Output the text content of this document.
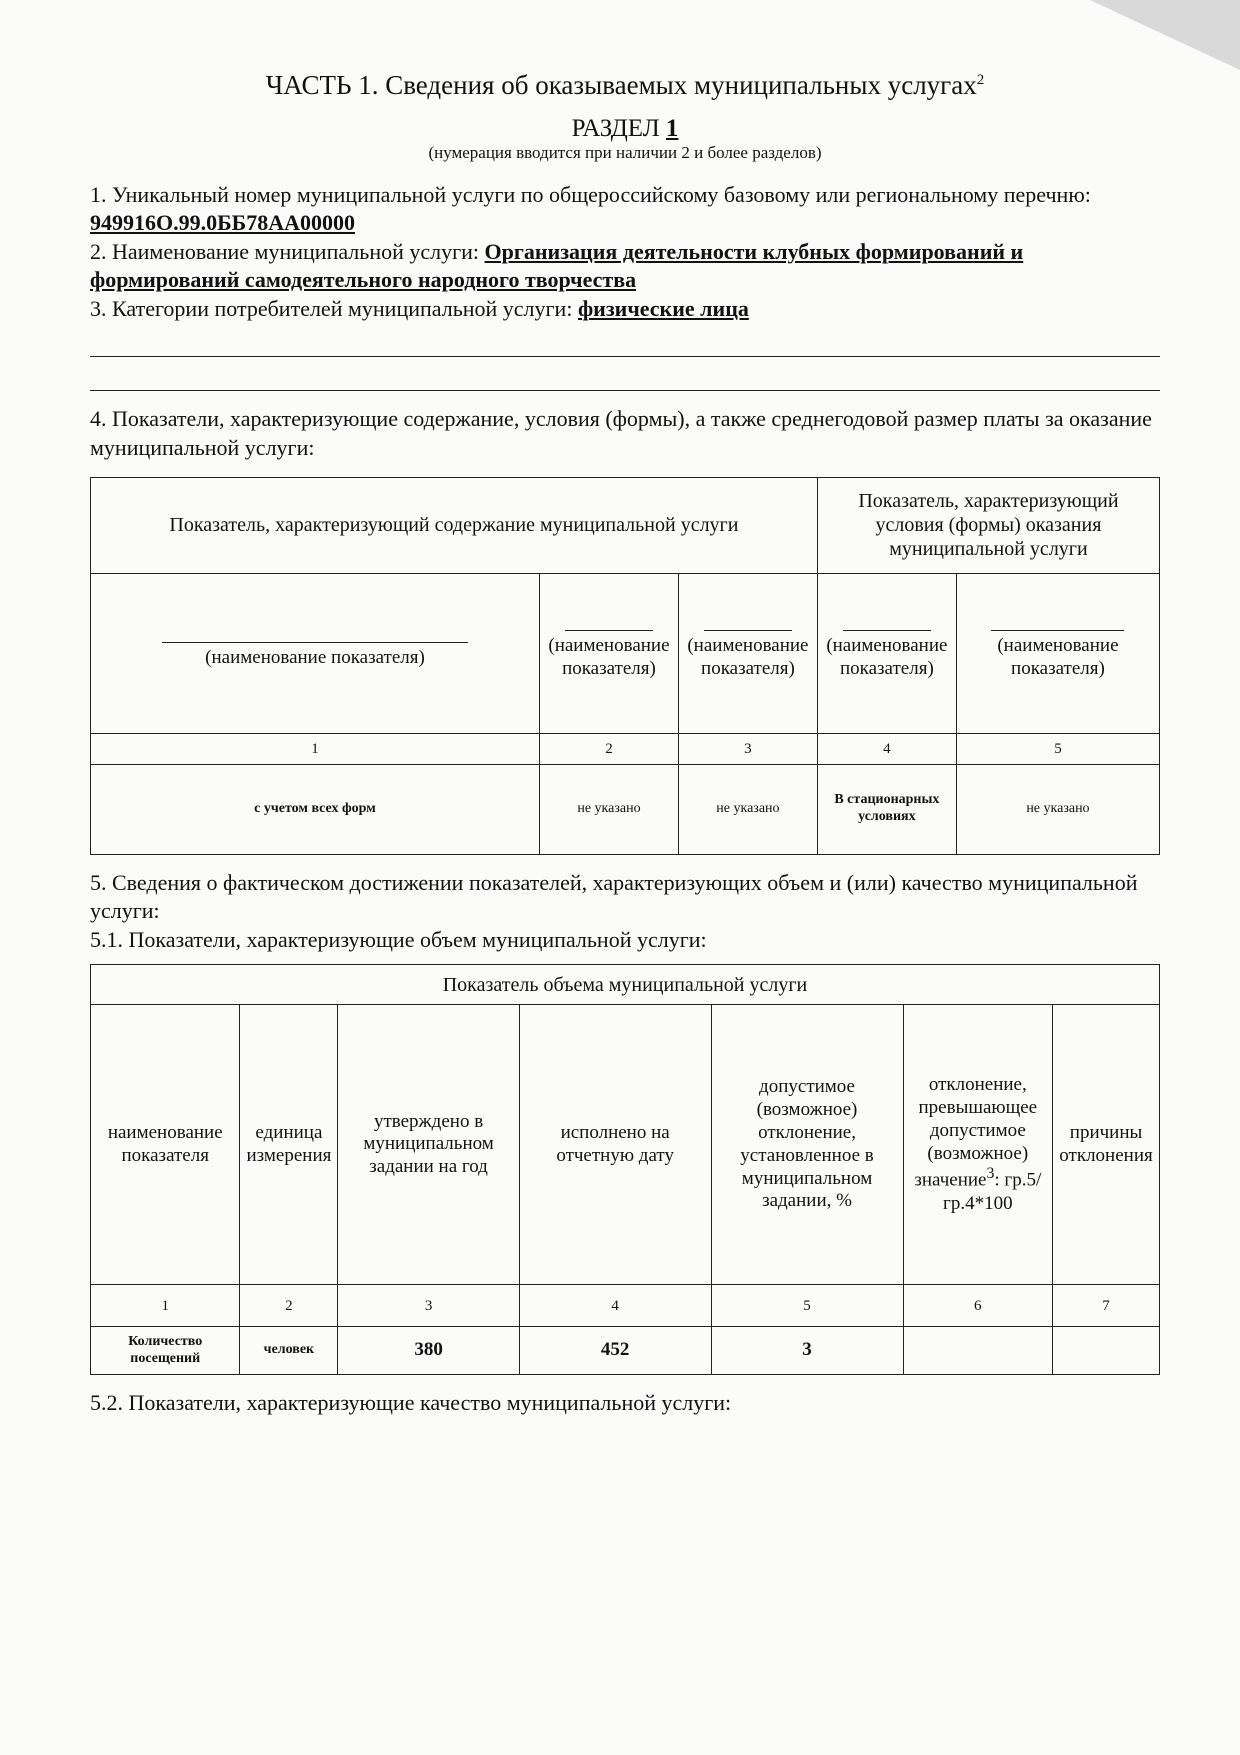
ЧАСТЬ 1. Сведения об оказываемых муниципальных услугах$^2$
РАЗДЕЛ 1
(нумерация вводится при наличии 2 и более разделов)
1. Уникальный номер муниципальной услуги по общероссийскому базовому или региональному перечню:
949916О.99.0ББ78АА00000
2. Наименование муниципальной услуги: Организация деятельности клубных формирований и формирований самодеятельного народного творчества
3. Категории потребителей муниципальной услуги: физические лица
4. Показатели, характеризующие содержание, условия (формы), а также среднегодовой размер платы за оказание муниципальной услуги:
Показатель, характеризующий содержание муниципальной услуги			Показатель, характеризующий условия (формы) оказания муниципальной услуги	

(наименование показателя)	(наименование показателя)	(наименование показателя)	(наименование показателя)	(наименование показателя)
1	2	3	4	5
с учетом всех форм	не указано	не указано	В стационарных условиях	не указано
5. Сведения о фактическом достижении показателей, характеризующих объем и (или) качество муниципальной услуги:
5.1. Показатели, характеризующие объем муниципальной услуги:
Показатель объема муниципальной услуги						
наименование показателя	единица измерения	утверждено в муниципальном задании на год	исполнено на отчетную дату	допустимое (возможное) отклонение, установленное в муниципальном задании, %	отклонение, превышающее допустимое (возможное) значение$^3$: гр.5/гр.4*100	причины отклонения
1	2	3	4	5	6	7
Количество посещений	человек	380	452	3		
5.2. Показатели, характеризующие качество муниципальной услуги:
